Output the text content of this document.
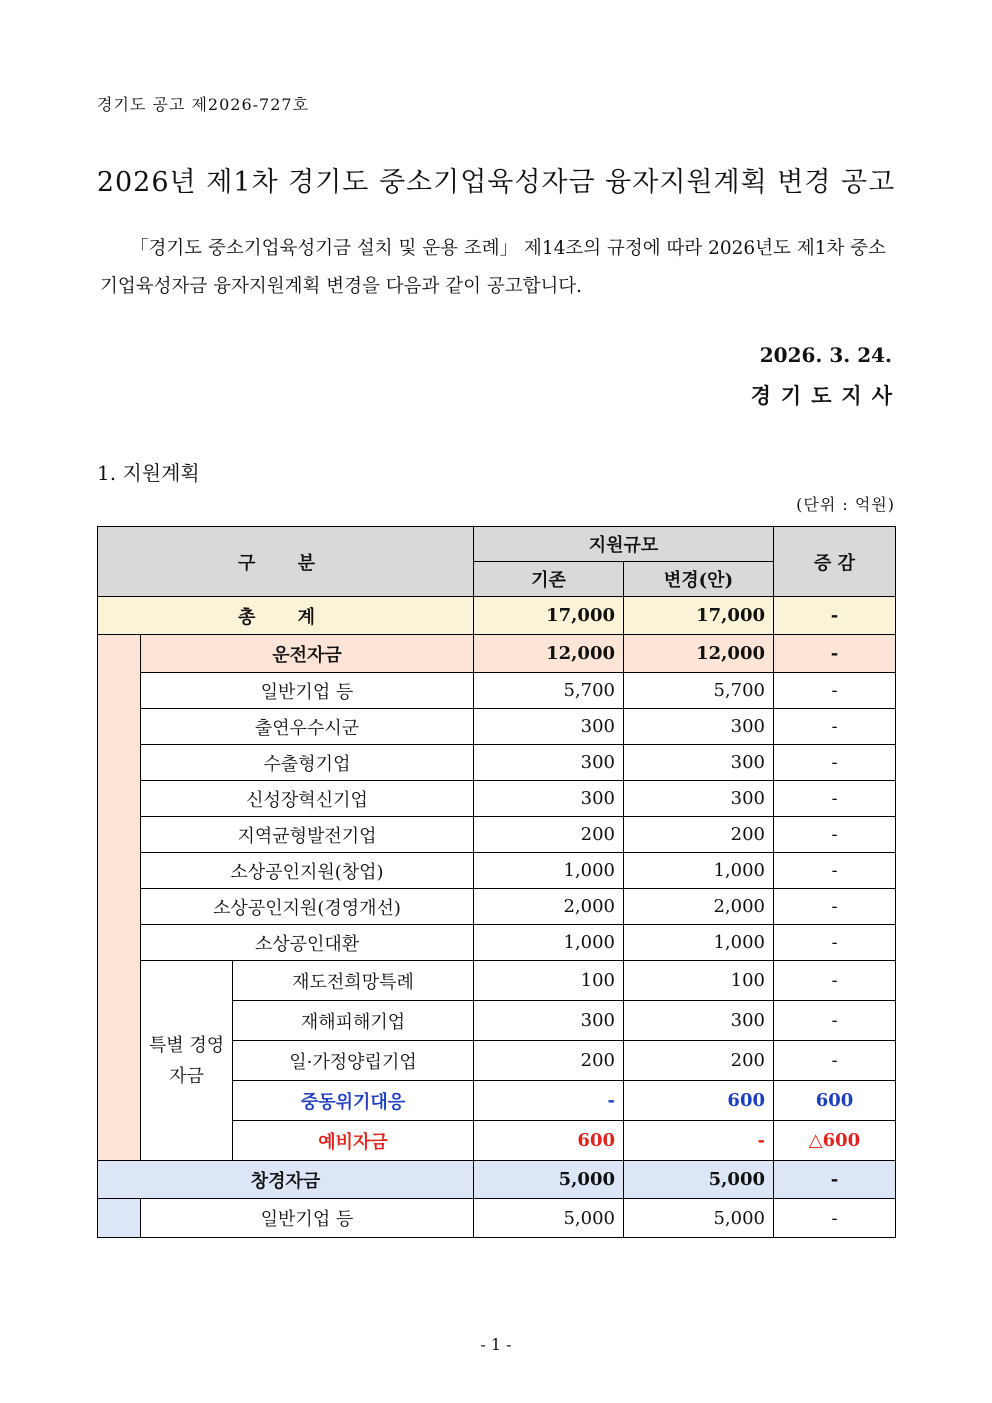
경기도 공고 제2026-727호
2026년 제1차 경기도 중소기업육성자금 융자지원계획 변경 공고
「경기도 중소기업육성기금 설치 및 운용 조례」 제14조의 규정에 따라 2026년도 제1차 중소기업육성자금 융자지원계획 변경을 다음과 같이 공고합니다.
2026. 3. 24.
경기도지사
1. 지원계획
(단위 : 억원)
구 분			지원규모		증 감
			기존	변경(안)	
총 계			17,000	17,000	-
	운전자금		12,000	12,000	-
	일반기업 등		5,700	5,700	-
	출연우수시군		300	300	-
	수출형기업		300	300	-
	신성장혁신기업		300	300	-
	지역균형발전기업		200	200	-
	소상공인지원(창업)		1,000	1,000	-
	소상공인지원(경영개선)		2,000	2,000	-
	소상공인대환		1,000	1,000	-
	특별 경영 자금	재도전희망특례	100	100	-
		재해피해기업	300	300	-
		일·가정양립기업	200	200	-
		중동위기대응	-	600	600
		예비자금	600	-	△600
창경자금			5,000	5,000	-
	일반기업 등		5,000	5,000	-
- 1 -
